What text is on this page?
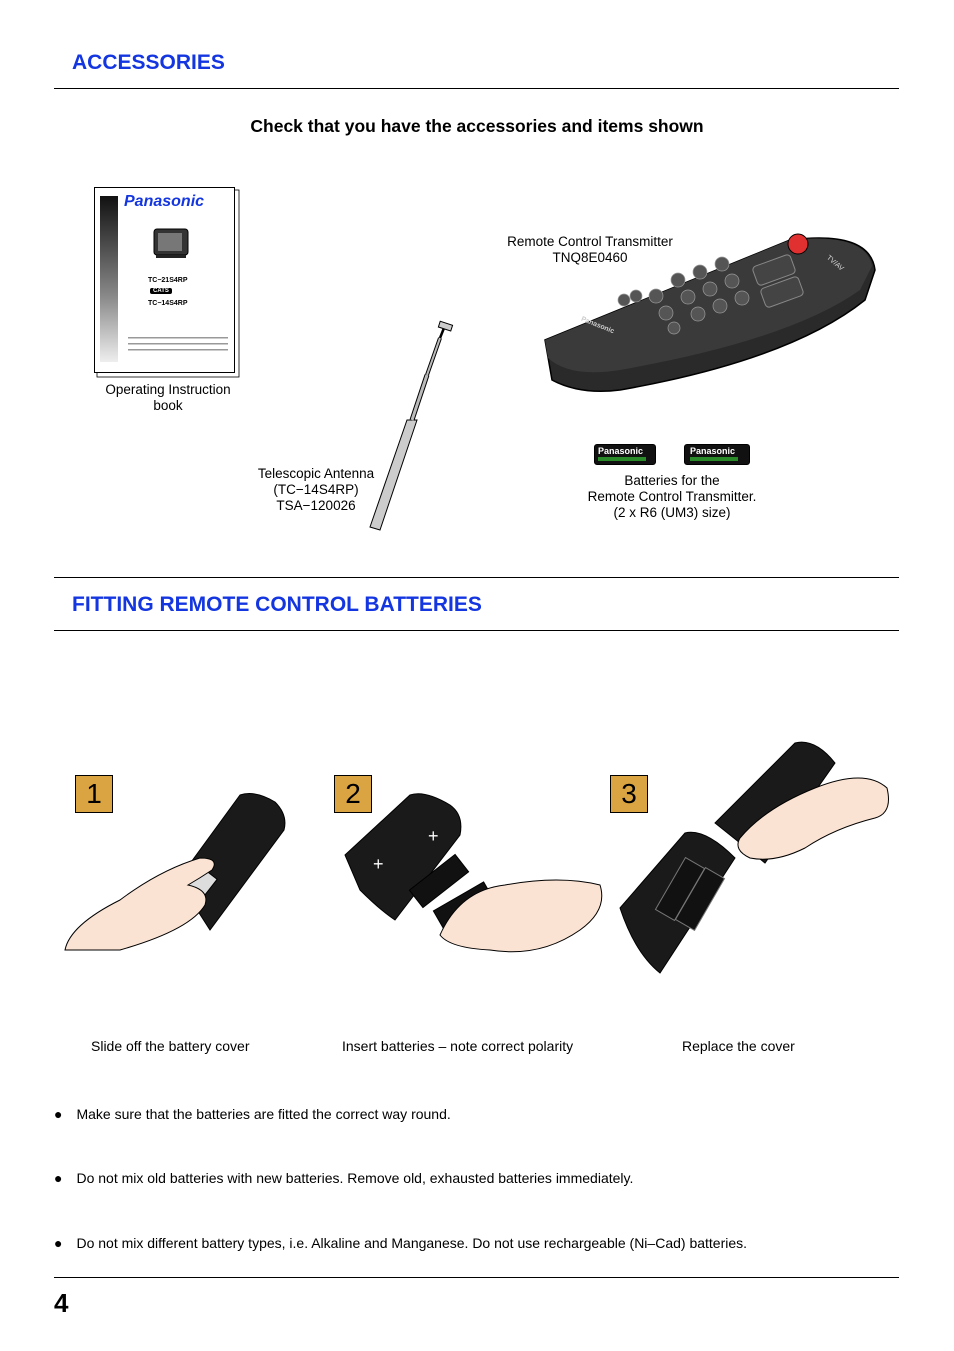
ACCESSORIES
Check that you have the accessories and items shown
Panasonic
TC−21S4RP
CATS
TC−14S4RP
Operating Instruction
book
Telescopic Antenna
(TC−14S4RP)
TSA−120026
Remote Control Transmitter
TNQ8E0460
Panasonic
TV/AV
Panasonic	Panasonic
Batteries for the
Remote Control Transmitter.
(2 x R6 (UM3) size)
FITTING REMOTE CONTROL BATTERIES
1
Slide off the battery cover
2
+
+
Insert batteries – note correct polarity
3
Replace the cover
● Make sure that the batteries are fitted the correct way round.
● Do not mix old batteries with new batteries. Remove old, exhausted batteries immediately.
● Do not mix different battery types, i.e. Alkaline and Manganese. Do not use rechargeable (Ni–Cad) batteries.
4
